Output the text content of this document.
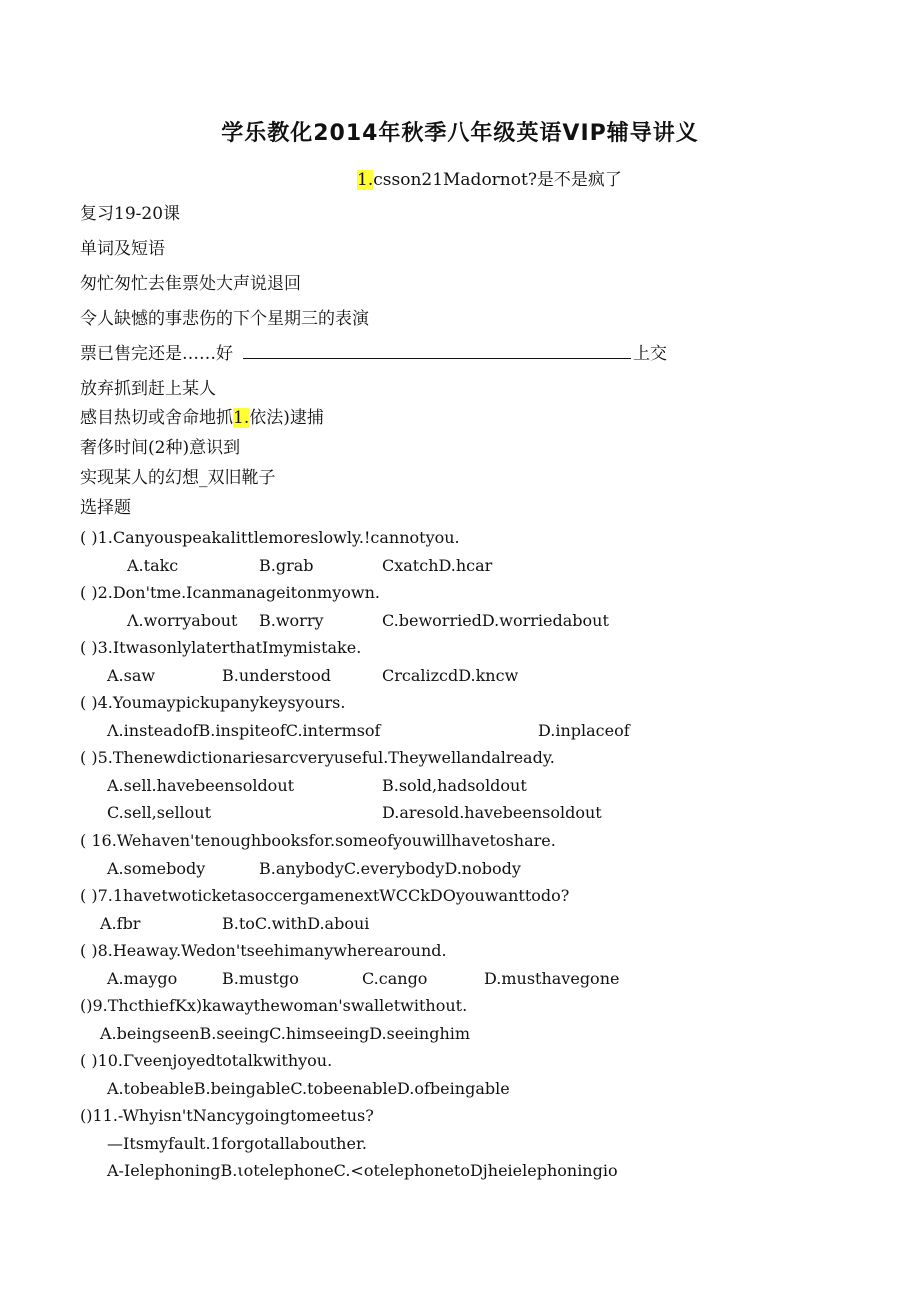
学乐教化2014年秋季八年级英语VIP辅导讲义
1.csson21Madornot?是不是疯了
复习19-20课
单词及短语
匆忙匆忙去隹票处大声说退回
令人缺憾的事悲伤的下个星期三的表演
票已售完还是……好	上交
放弃抓到赶上某人
感目热切或舍命地抓1.依法)逮捕
奢侈时间(2种)意识到
实现某人的幻想_双旧靴子
选择题
( )1.Canyouspeakalittlemoreslowly.!cannotyou.
A.takc	B.grab	CxatchD.hcar
( )2.Don'tme.Icanmanageitonmyown.
Λ.worryabout B.worry	C.beworriedD.worriedabout
( )3.ItwasonlylaterthatImymistake.
A.saw	B.understood	CrcalizcdD.kncw
( )4.Youmaypickupanykeysyours.
Λ.insteadofB.inspiteofC.intermsof	D.inplaceof
( )5.Thenewdictionariesarcveryuseful.Theywellandalready.
A.sell.havebeensoldout	B.sold,hadsoldout
C.sell,sellout	D.aresold.havebeensoldout
( 16.Wehaven'tenoughbooksfor.someofyouwillhavetoshare.
A.somebody	B.anybodyC.everybodyD.nobody
( )7.1havetwoticketasoccergamenextWCCkDOyouwanttodo?
A.fbr	B.toC.withD.aboui
( )8.Heaway.Wedon'tseehimanywherearound.
A.maygo	B.mustgo	C.cango	D.musthavegone
()9.ThcthiefKx)kawaythewoman'swalletwithout.
A.beingseenB.seeingC.himseeingD.seeinghim
( )10.Γveenjoyedtotalkwithyou.
A.tobeableB.beingableC.tobeenableD.ofbeingable
()11.-Whyisn'tNancygoingtomeetus?
—Itsmyfault.1forgotallabouther.
A-IelephoningB.ιotelephoneC.<otelephonetoDjheielephoningio
